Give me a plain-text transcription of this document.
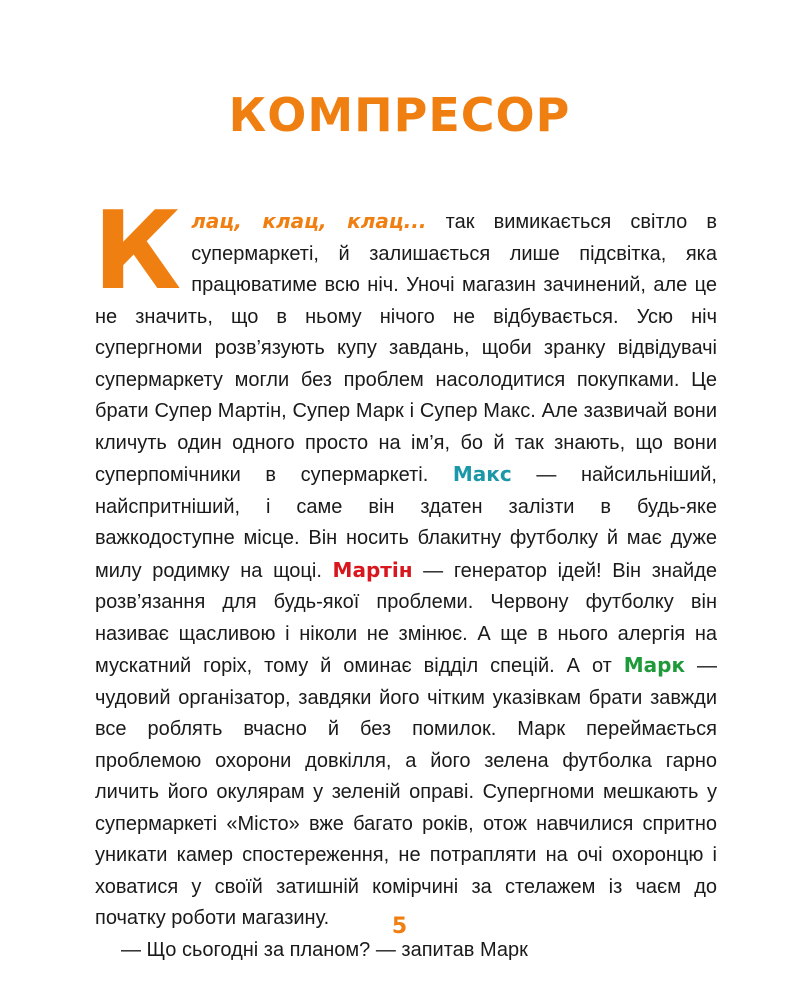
КОМПРЕСОР

Клац, клац, клац... так вимикається світло в супермаркеті, й залишається лише підсвітка, яка працюватиме всю ніч. Уночі магазин зачинений, але це не значить, що в ньому нічого не відбувається. Усю ніч супергноми розв’язують купу завдань, щоби зранку відвідувачі супермаркету могли без проблем насолодитися покупками. Це брати Супер Мартін, Супер Марк і Супер Макс. Але зазвичай вони кличуть один одного просто на ім’я, бо й так знають, що вони суперпомічники в супермаркеті. Макс — найсильніший, найспритніший, і саме він здатен залізти в будь-яке важкодоступне місце. Він носить блакитну футболку й має дуже милу родимку на щоці. Мартін — генератор ідей! Він знайде розв’язання для будь-якої проблеми. Червону футболку він називає щасливою і ніколи не змінює. А ще в нього алергія на мускатний горіх, тому й оминає відділ спецій. А от Марк — чудовий організатор, завдяки його чітким указівкам брати завжди все роблять вчасно й без помилок. Марк переймається проблемою охорони довкілля, а його зелена футболка гарно личить його окулярам у зеленій оправі. Супергноми мешкають у супермаркеті «Місто» вже багато років, отож навчилися спритно уникати камер спостереження, не потрапляти на очі охоронцю і ховатися у своїй затишній комірчині за стелажем із чаєм до початку роботи магазину.

— Що сьогодні за планом? — запитав Марк

5
